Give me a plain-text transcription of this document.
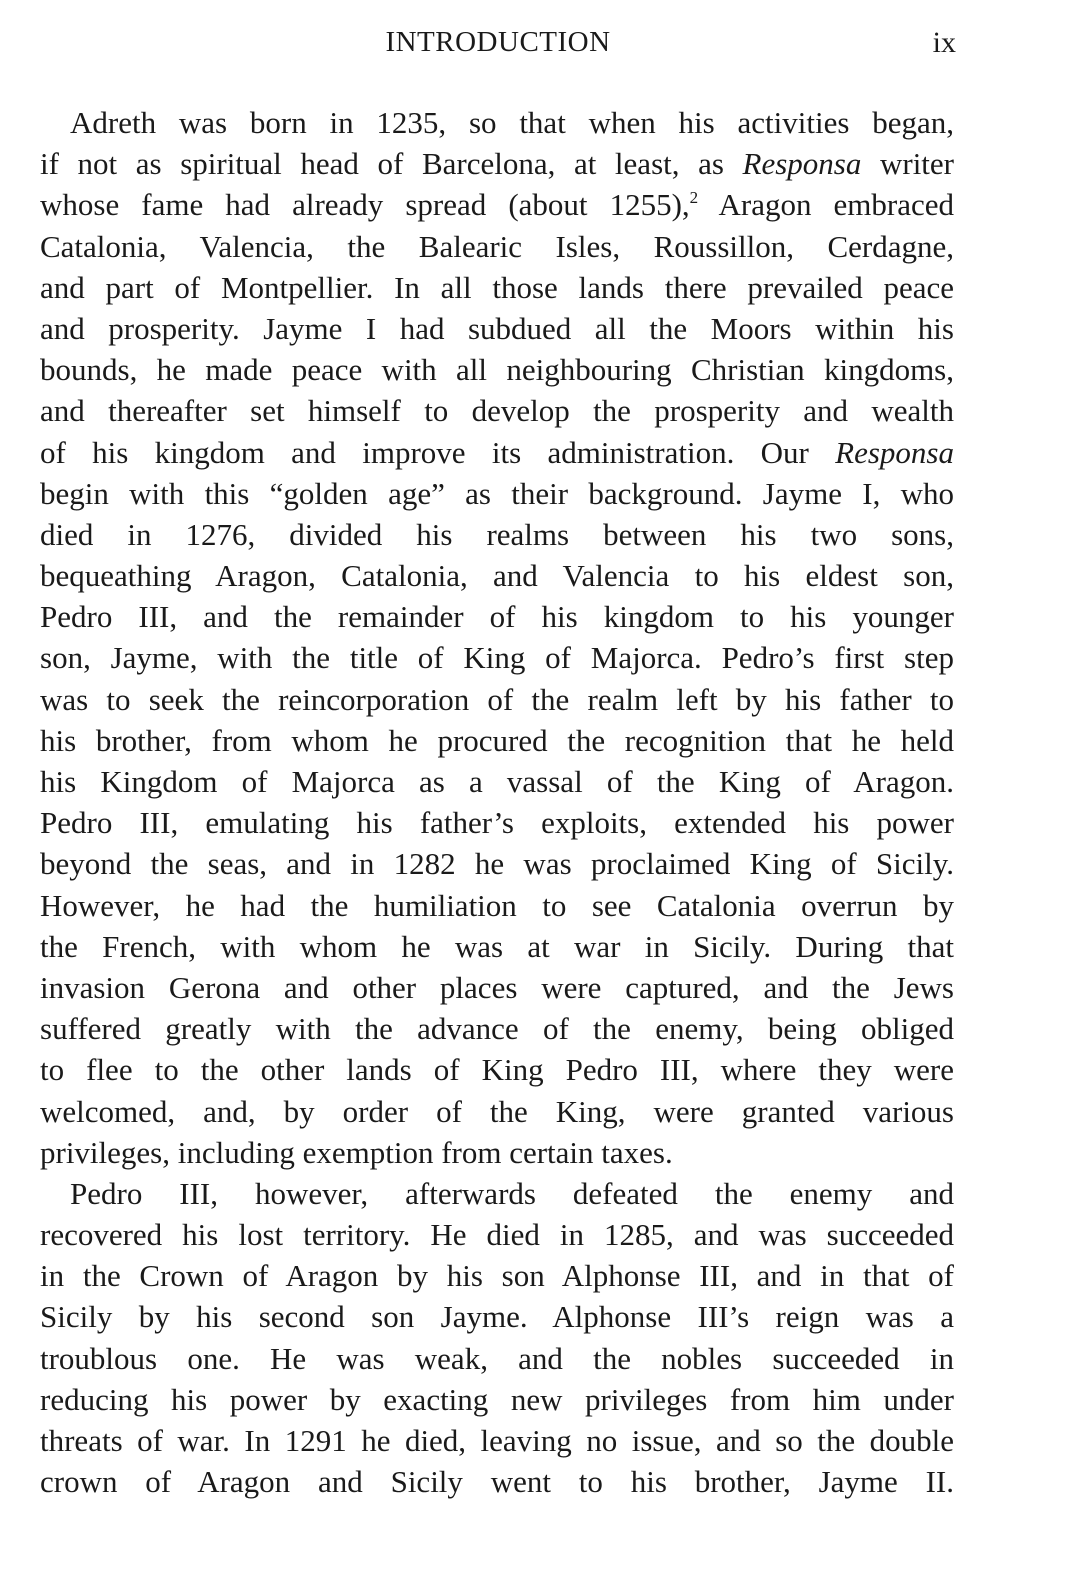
INTRODUCTION	ix
Adreth was born in 1235, so that when his activities began,
if not as spiritual head of Barcelona, at least, as Responsa writer
whose fame had already spread (about 1255),$^2$ Aragon embraced
Catalonia, Valencia, the Balearic Isles, Roussillon, Cerdagne,
and part of Montpellier. In all those lands there prevailed peace
and prosperity. Jayme I had subdued all the Moors within his
bounds, he made peace with all neighbouring Christian kingdoms,
and thereafter set himself to develop the prosperity and wealth
of his kingdom and improve its administration. Our Responsa
begin with this “golden age” as their background. Jayme I, who
died in 1276, divided his realms between his two sons,
bequeathing Aragon, Catalonia, and Valencia to his eldest son,
Pedro III, and the remainder of his kingdom to his younger
son, Jayme, with the title of King of Majorca. Pedro’s first step
was to seek the reincorporation of the realm left by his father to
his brother, from whom he procured the recognition that he held
his Kingdom of Majorca as a vassal of the King of Aragon.
Pedro III, emulating his father’s exploits, extended his power
beyond the seas, and in 1282 he was proclaimed King of Sicily.
However, he had the humiliation to see Catalonia overrun by
the French, with whom he was at war in Sicily. During that
invasion Gerona and other places were captured, and the Jews
suffered greatly with the advance of the enemy, being obliged
to flee to the other lands of King Pedro III, where they were
welcomed, and, by order of the King, were granted various
privileges, including exemption from certain taxes.
Pedro III, however, afterwards defeated the enemy and
recovered his lost territory. He died in 1285, and was succeeded
in the Crown of Aragon by his son Alphonse III, and in that of
Sicily by his second son Jayme. Alphonse III’s reign was a
troublous one. He was weak, and the nobles succeeded in
reducing his power by exacting new privileges from him under
threats of war. In 1291 he died, leaving no issue, and so the double
crown of Aragon and Sicily went to his brother, Jayme II.
